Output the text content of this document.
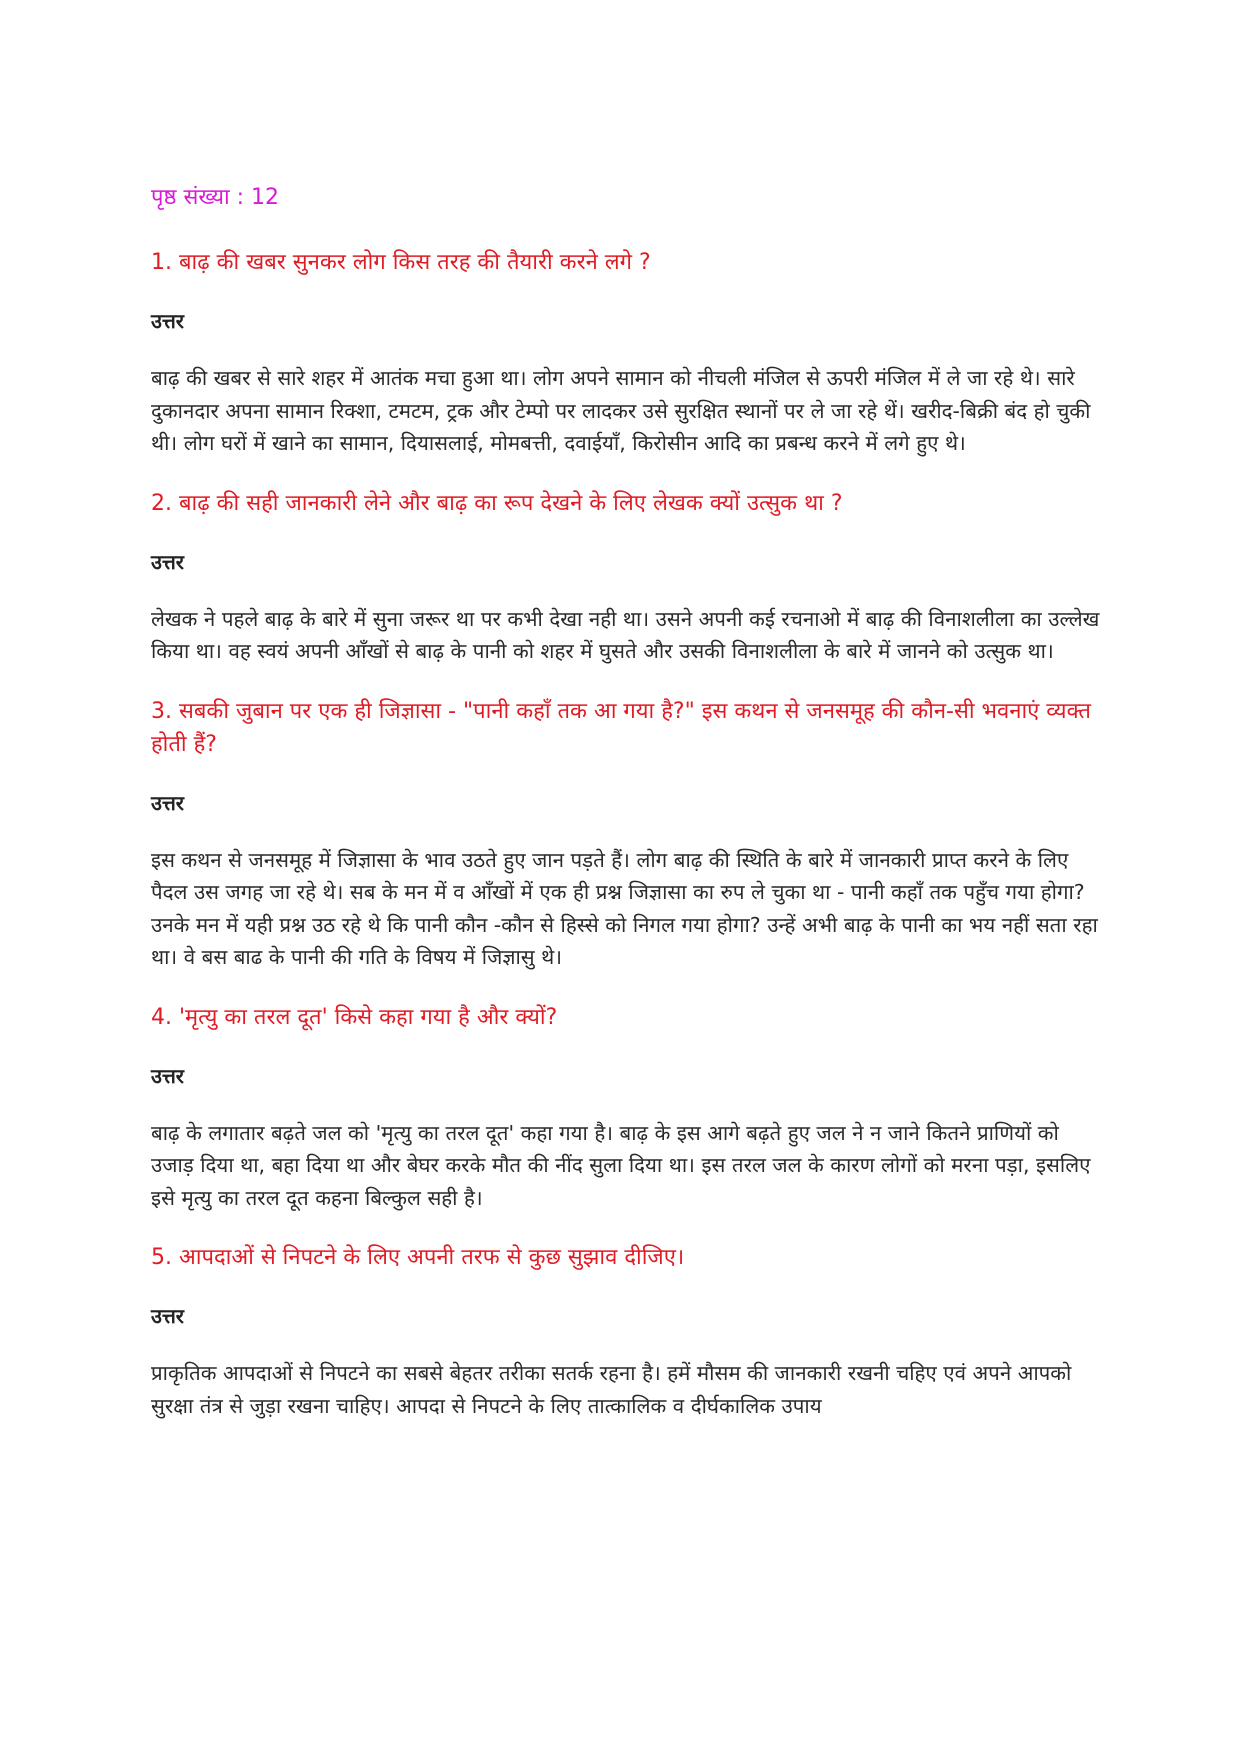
पृष्ठ संख्या : 12
1. बाढ़ की खबर सुनकर लोग किस तरह की तैयारी करने लगे ?
उत्तर
बाढ़ की खबर से सारे शहर में आतंक मचा हुआ था। लोग अपने सामान को नीचली मंजिल से ऊपरी मंजिल में ले जा रहे थे। सारे दुकानदार अपना सामान रिक्शा, टमटम, ट्रक और टेम्पो पर लादकर उसे सुरक्षित स्थानों पर ले जा रहे थें। खरीद-बिक्री बंद हो चुकी थी। लोग घरों में खाने का सामान, दियासलाई, मोमबत्ती, दवाईयाँ, किरोसीन आदि का प्रबन्ध करने में लगे हुए थे।
2. बाढ़ की सही जानकारी लेने और बाढ़ का रूप देखने के लिए लेखक क्यों उत्सुक था ?
उत्तर
लेखक ने पहले बाढ़ के बारे में सुना जरूर था पर कभी देखा नही था। उसने अपनी कई रचनाओ में बाढ़ की विनाशलीला का उल्लेख किया था। वह स्वयं अपनी आँखों से बाढ़ के पानी को शहर में घुसते और उसकी विनाशलीला के बारे में जानने को उत्सुक था।
3. सबकी जुबान पर एक ही जिज्ञासा - "पानी कहाँ तक आ गया है?" इस कथन से जनसमूह की कौन-सी भवनाएं व्यक्त होती हैं?
उत्तर
इस कथन से जनसमूह में जिज्ञासा के भाव उठते हुए जान पड़ते हैं। लोग बाढ़ की स्थिति के बारे में जानकारी प्राप्त करने के लिए पैदल उस जगह जा रहे थे। सब के मन में व आँखों में एक ही प्रश्न जिज्ञासा का रुप ले चुका था - पानी कहाँ तक पहुँच गया होगा? उनके मन में यही प्रश्न उठ रहे थे कि पानी कौन -कौन से हिस्से को निगल गया होगा? उन्हें अभी बाढ़ के पानी का भय नहीं सता रहा था। वे बस बाढ के पानी की गति के विषय में जिज्ञासु थे।
4. 'मृत्यु का तरल दूत' किसे कहा गया है और क्यों?
उत्तर
बाढ़ के लगातार बढ़ते जल को 'मृत्यु का तरल दूत' कहा गया है। बाढ़ के इस आगे बढ़ते हुए जल ने न जाने कितने प्राणियों को उजाड़ दिया था, बहा दिया था और बेघर करके मौत की नींद सुला दिया था। इस तरल जल के कारण लोगों को मरना पड़ा, इसलिए इसे मृत्यु का तरल दूत कहना बिल्कुल सही है।
5. आपदाओं से निपटने के लिए अपनी तरफ से कुछ सुझाव दीजिए।
उत्तर
प्राकृतिक आपदाओं से निपटने का सबसे बेहतर तरीका सतर्क रहना है। हमें मौसम की जानकारी रखनी चहिए एवं अपने आपको सुरक्षा तंत्र से जुड़ा रखना चाहिए। आपदा से निपटने के लिए तात्कालिक व दीर्घकालिक उपाय
